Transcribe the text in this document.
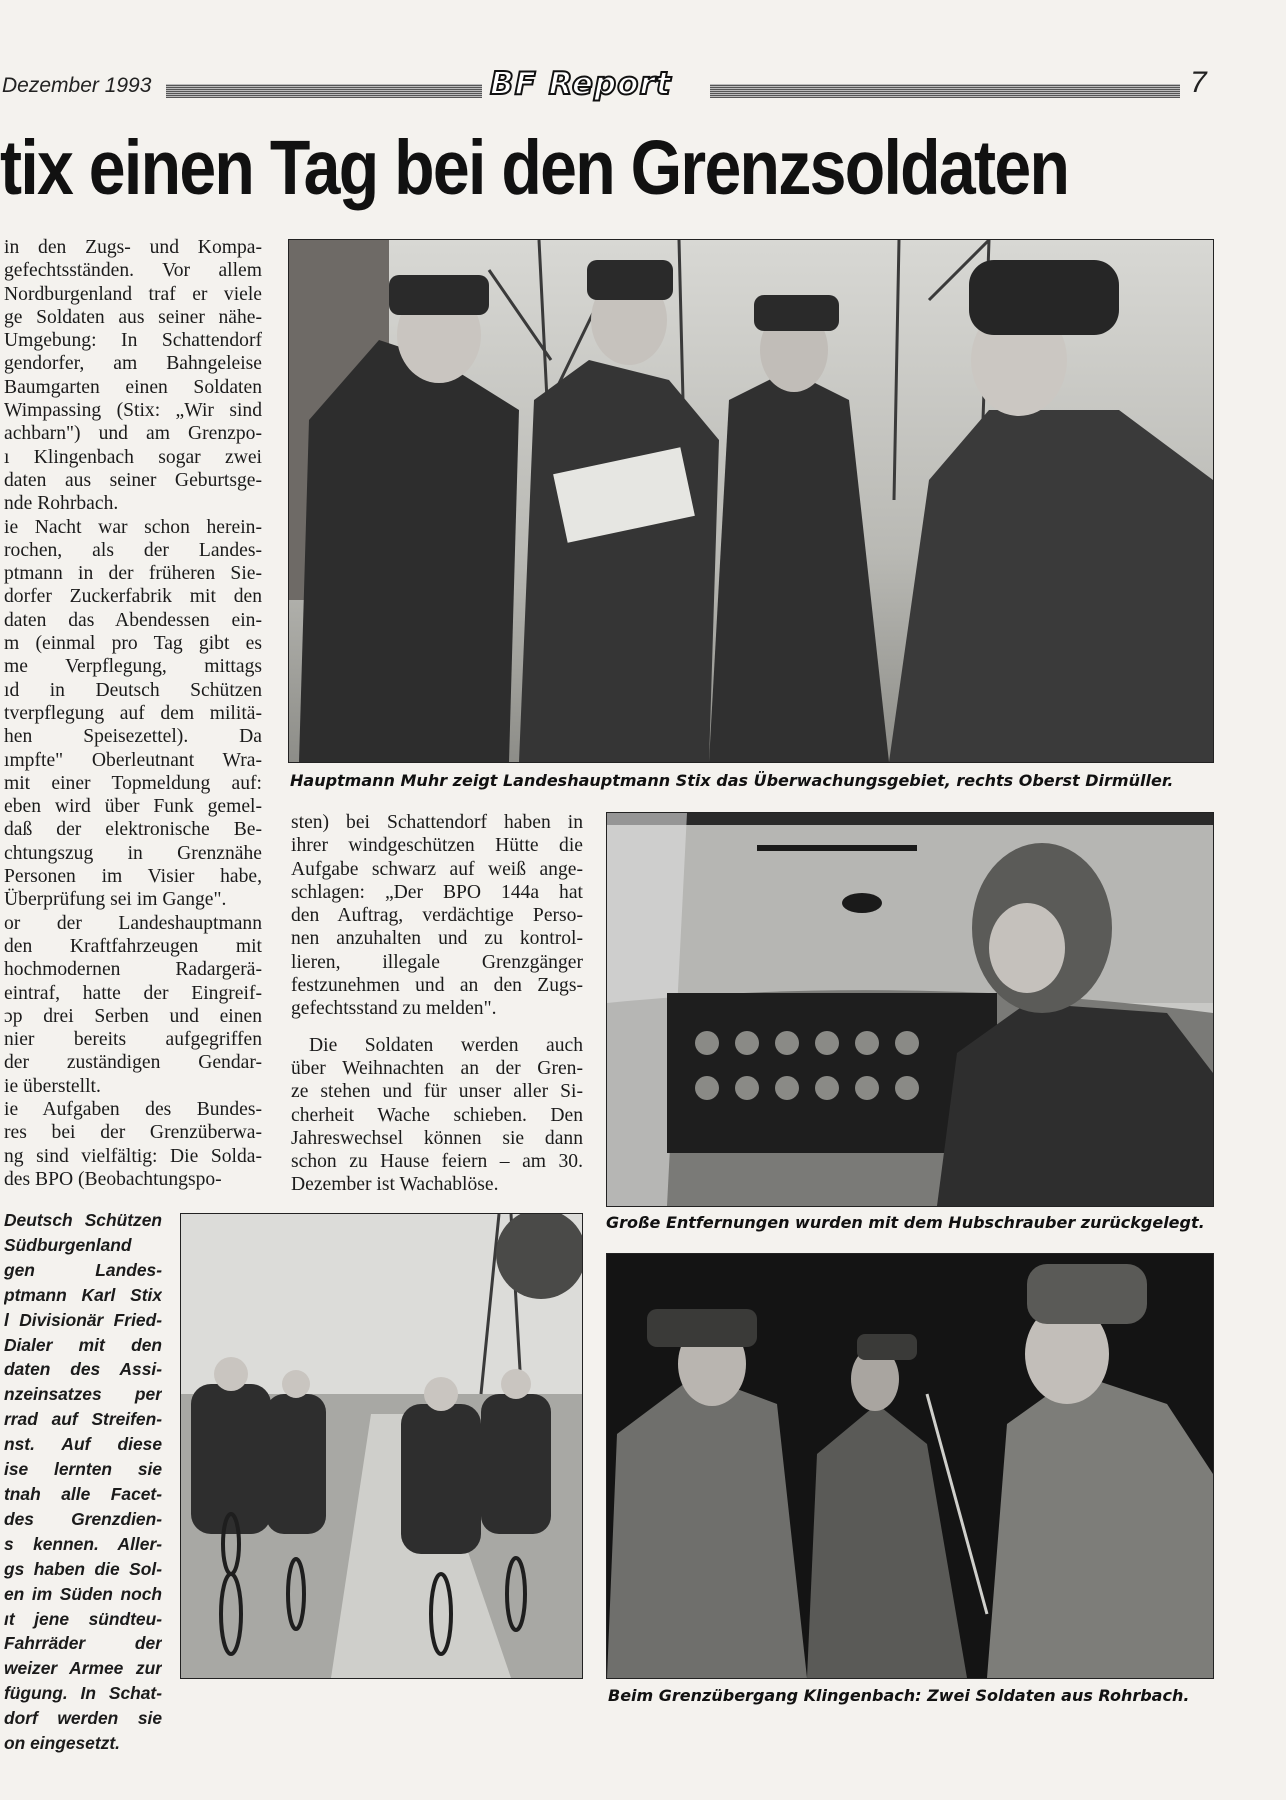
Dezember 1993	BF Report	7
tix einen Tag bei den Grenzsoldaten
in den Zugs- und Kompa-
gefechtsständen. Vor allem
Nordburgenland traf er viele
ge Soldaten aus seiner nähe-
Umgebung: In Schattendorf
gendorfer, am Bahngeleise
Baumgarten einen Soldaten
Wimpassing (Stix: „Wir sind
achbarn") und am Grenzpo-
ı Klingenbach sogar zwei
daten aus seiner Geburtsge-
nde Rohrbach.
ie Nacht war schon herein-
rochen, als der Landes-
ptmann in der früheren Sie-
dorfer Zuckerfabrik mit den
daten das Abendessen ein-
m (einmal pro Tag gibt es
me Verpflegung, mittags
ıd in Deutsch Schützen
tverpflegung auf dem militä-
hen Speisezettel). Da
ımpfte" Oberleutnant Wra-
mit einer Topmeldung auf:
eben wird über Funk gemel-
daß der elektronische Be-
chtungszug in Grenznähe
Personen im Visier habe,
Überprüfung sei im Gange".
or der Landeshauptmann
den Kraftfahrzeugen mit
hochmodernen Radargerä-
eintraf, hatte der Eingreif-
ɔp drei Serben und einen
nier bereits aufgegriffen
der zuständigen Gendar-
ie überstellt.
ie Aufgaben des Bundes-
res bei der Grenzüberwa-
ng sind vielfältig: Die Solda-
des BPO (Beobachtungspo-
sten) bei Schattendorf haben in
ihrer windgeschützen Hütte die
Aufgabe schwarz auf weiß ange-
schlagen: „Der BPO 144a hat
den Auftrag, verdächtige Perso-
nen anzuhalten und zu kontrol-
lieren, illegale Grenzgänger
festzunehmen und an den Zugs-
gefechtsstand zu melden".
Die Soldaten werden auch
über Weihnachten an der Gren-
ze stehen und für unser aller Si-
cherheit Wache schieben. Den
Jahreswechsel können sie dann
schon zu Hause feiern – am 30.
Dezember ist Wachablöse.
Deutsch Schützen
Südburgenland
gen Landes-
ptmann Karl Stix
l Divisionär Fried-
Dialer mit den
daten des Assi-
nzeinsatzes per
rrad auf Streifen-
nst. Auf diese
ise lernten sie
tnah alle Facet-
des Grenzdien-
s kennen. Aller-
gs haben die Sol-
en im Süden noch
ıt jene sündteu-
Fahrräder der
weizer Armee zur
fügung. In Schat-
dorf werden sie
on eingesetzt.
Hauptmann Muhr zeigt Landeshauptmann Stix das Überwachungsgebiet, rechts Oberst Dirmüller.
Große Entfernungen wurden mit dem Hubschrauber zurückgelegt.
Beim Grenzübergang Klingenbach: Zwei Soldaten aus Rohrbach.
